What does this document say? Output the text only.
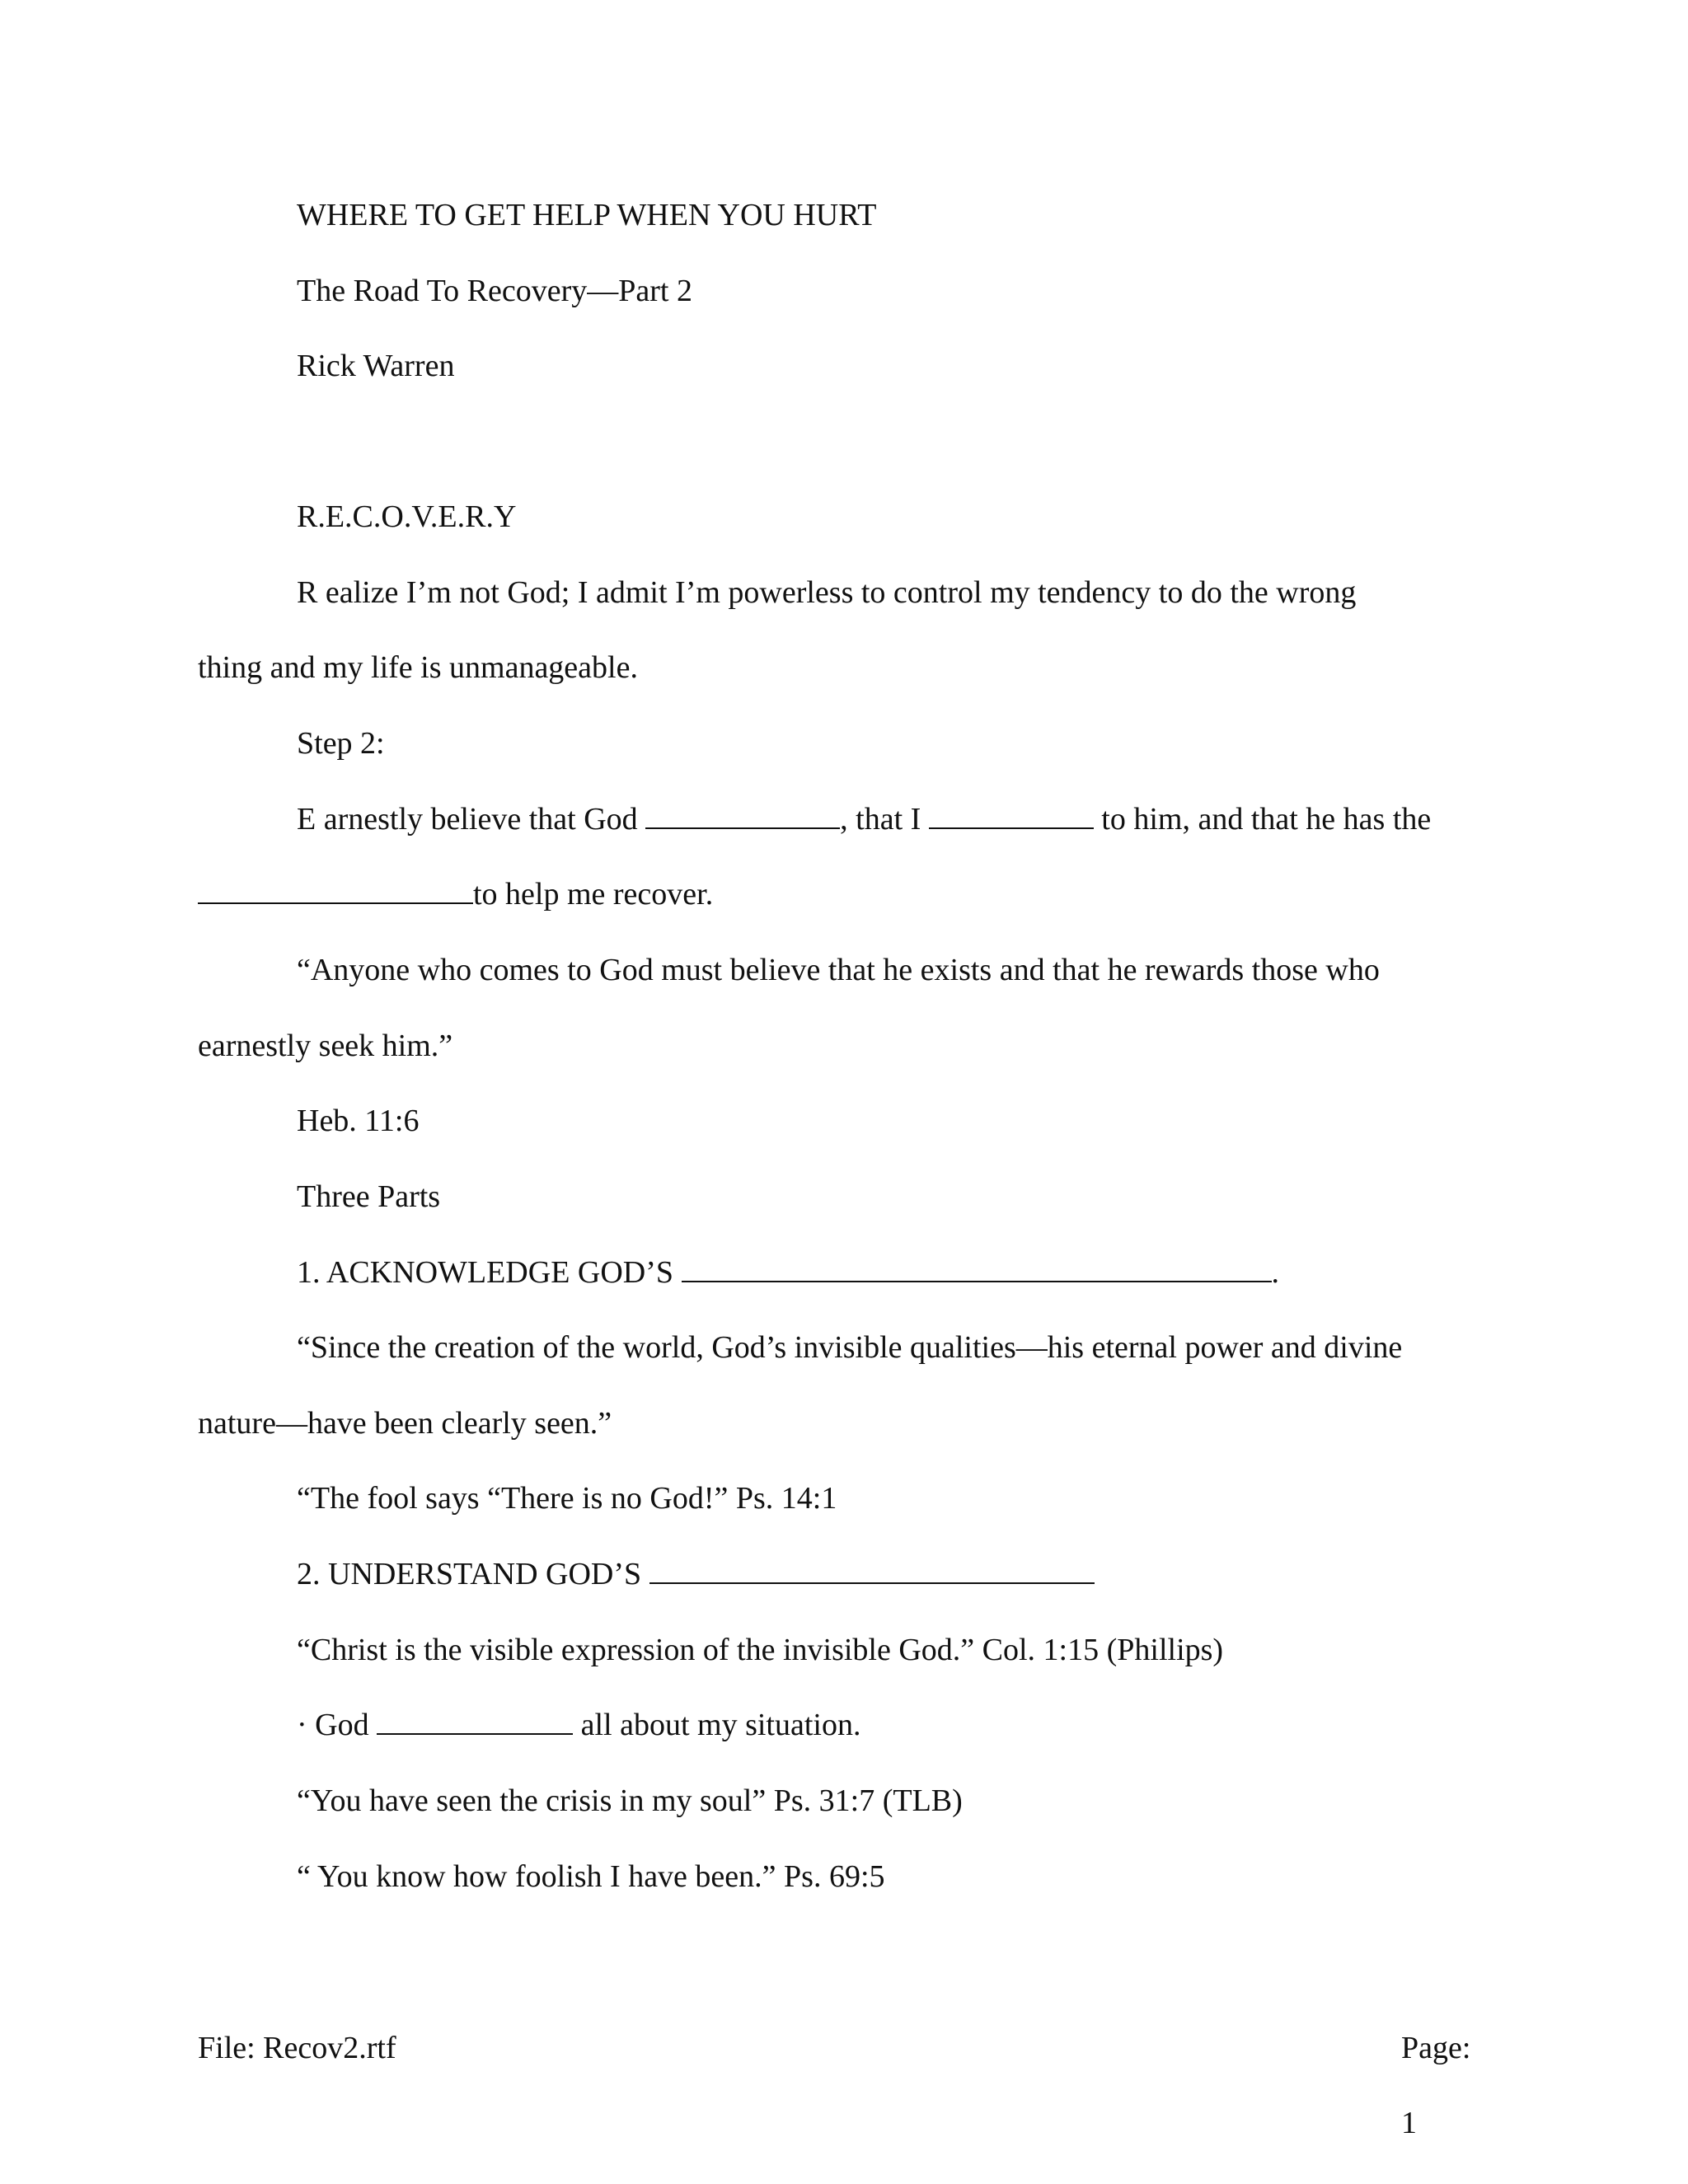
WHERE TO GET HELP WHEN YOU HURT
The Road To Recovery—Part 2
Rick Warren
R.E.C.O.V.E.R.Y
R ealize I’m not God; I admit I’m powerless to control my tendency to do the wrong
thing and my life is unmanageable.
Step 2:
E arnestly believe that God	, that I	to him, and that he has the
to help me recover.
“Anyone who comes to God must believe that he exists and that he rewards those who
earnestly seek him.”
Heb. 11:6
Three Parts
1. ACKNOWLEDGE GOD’S	.
“Since the creation of the world, God’s invisible qualities—his eternal power and divine
nature—have been clearly seen.”
“The fool says “There is no God!” Ps. 14:1
2. UNDERSTAND GOD’S
“Christ is the visible expression of the invisible God.” Col. 1:15 (Phillips)
· God	all about my situation.
“You have seen the crisis in my soul” Ps. 31:7 (TLB)
“ You know how foolish I have been.” Ps. 69:5
File: Recov2.rtf	Page:
1
